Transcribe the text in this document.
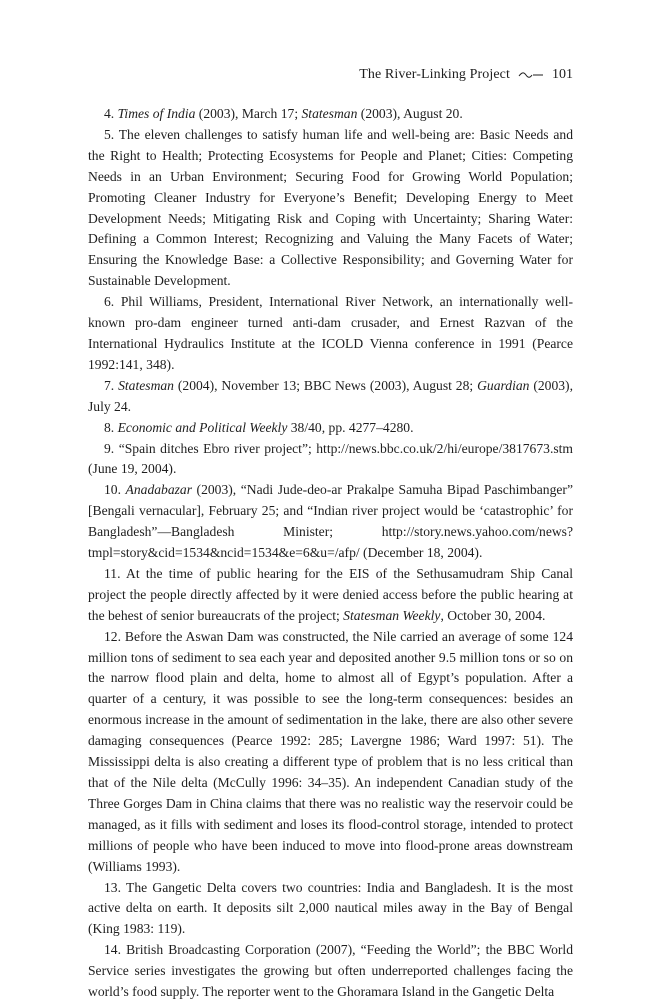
The River-Linking Project	101

4. Times of India (2003), March 17; Statesman (2003), August 20.

5. The eleven challenges to satisfy human life and well-being are: Basic Needs and the Right to Health; Protecting Ecosystems for People and Planet; Cities: Competing Needs in an Urban Environment; Securing Food for Growing World Population; Promoting Cleaner Industry for Everyone’s Benefit; Developing Energy to Meet Development Needs; Mitigating Risk and Coping with Uncertainty; Sharing Water: Defining a Common Interest; Recognizing and Valuing the Many Facets of Water; Ensuring the Knowledge Base: a Collective Responsibility; and Governing Water for Sustainable Development.

6. Phil Williams, President, International River Network, an internationally well-known pro-dam engineer turned anti-dam crusader, and Ernest Razvan of the International Hydraulics Institute at the ICOLD Vienna conference in 1991 (Pearce 1992:141, 348).

7. Statesman (2004), November 13; BBC News (2003), August 28; Guardian (2003), July 24.

8. Economic and Political Weekly 38/40, pp. 4277–4280.

9. “Spain ditches Ebro river project”; http://news.bbc.co.uk/2/hi/europe/3817673.stm (June 19, 2004).

10. Anadabazar (2003), “Nadi Jude-deo-ar Prakalpe Samuha Bipad Paschimbanger” [Bengali vernacular], February 25; and “Indian river project would be ‘catastrophic’ for Bangladesh”—Bangladesh Minister; http://story.news.yahoo.com/news?tmpl=story&cid=1534&ncid=1534&e=6&u=/afp/ (December 18, 2004).

11. At the time of public hearing for the EIS of the Sethusamudram Ship Canal project the people directly affected by it were denied access before the public hearing at the behest of senior bureaucrats of the project; Statesman Weekly, October 30, 2004.

12. Before the Aswan Dam was constructed, the Nile carried an average of some 124 million tons of sediment to sea each year and deposited another 9.5 million tons or so on the narrow flood plain and delta, home to almost all of Egypt’s population. After a quarter of a century, it was possible to see the long-term consequences: besides an enormous increase in the amount of sedimentation in the lake, there are also other severe damaging consequences (Pearce 1992: 285; Lavergne 1986; Ward 1997: 51). The Mississippi delta is also creating a different type of problem that is no less critical than that of the Nile delta (McCully 1996: 34–35). An independent Canadian study of the Three Gorges Dam in China claims that there was no realistic way the reservoir could be managed, as it fills with sediment and loses its flood-control storage, intended to protect millions of people who have been induced to move into flood-prone areas downstream (Williams 1993).

13. The Gangetic Delta covers two countries: India and Bangladesh. It is the most active delta on earth. It deposits silt 2,000 nautical miles away in the Bay of Bengal (King 1983: 119).

14. British Broadcasting Corporation (2007), “Feeding the World”; the BBC World Service series investigates the growing but often underreported challenges facing the world’s food supply. The reporter went to the Ghoramara Island in the Gangetic Delta
